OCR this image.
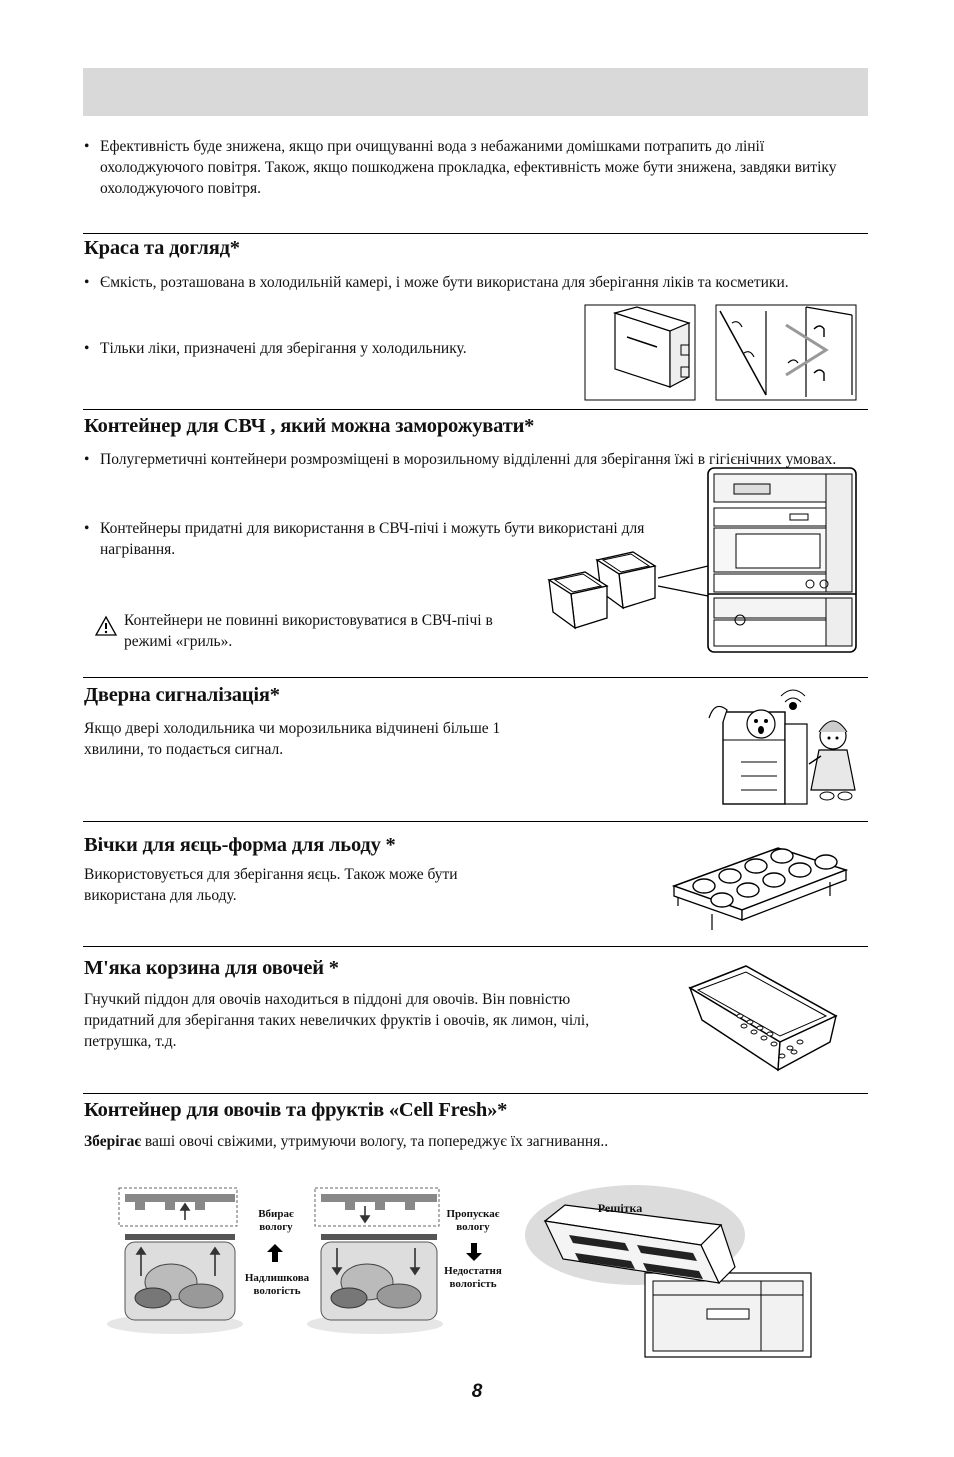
• Ефективність буде знижена, якщо при очищуванні вода з небажаними домішками потрапить до лінії охолоджуючого повітря. Також, якщо пошкоджена прокладка, ефективність може бути знижена, завдяки витіку охолоджуючого повітря.
Краса та догляд*
• Ємкість, розташована в холодильній камері, і може бути використана для зберігання ліків та косметики.
• Тільки ліки, призначені для зберігання у холодильнику.
Контейнер для СВЧ , який можна заморожувати*
• Полугерметичні контейнери розмрозміщені в морозильному відділенні для зберігання їжі в гігієнічних умовах.
• Контейнеры придатні для використання в СВЧ-пічі і можуть бути використані для нагрівання.
Контейнери не повинні використовуватися в СВЧ-пічі в режимі «гриль».
Дверна сигналізація*
Якщо двері холодильника чи морозильника відчинені більше 1 хвилини, то подається сигнал.
Вічки для яєць-форма для льоду *
Використовується для зберігання яєць. Також може бути використана для льоду.
М'яка корзина для овочей *
Гнучкий піддон для овочів находиться в піддоні для овочів. Він повністю придатний для зберігання таких невеличких фруктів і овочів, як лимон, чілі, петрушка, т.д.
Контейнер для овочів та фруктів «Cell Fresh»*
Зберігає ваші овочі свіжими, утримуючи вологу, та попереджує їх загнивання..
Вбирає вологу
Надлишкова вологість
Пропускає вологу
Недостатня вологість
Решітка
8
